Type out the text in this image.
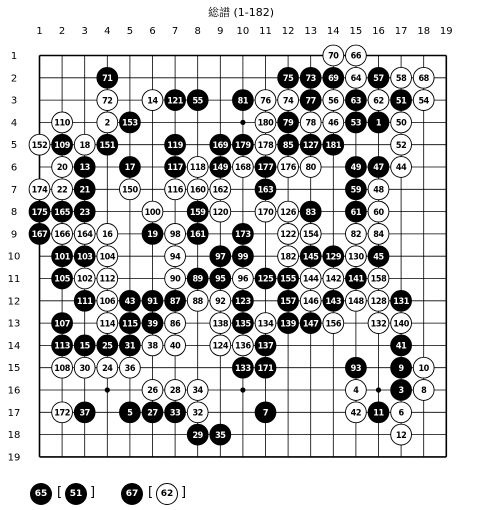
総譜 (1-182)
1 2 3 4 5 6 7 8 9 10 11 12 13 14 15 16 17 18 19
1
2
3
4
5
6
7
8
9
10
11
12
13
14
15
16
17
18
19
70 66
71	75 73 69 64 57 58 68
72	14 121 55	81 76 74 77 56 63 62 51 54
110	2 153	180 79 78 46 53 1 50
152 109 18 151	119	169 179 178 85 127 181	52
20 13	17	117 118 149 168 177 176 80	49 47 44
174 22 21	150	116 160 162	163	59 48
175 165 23	100	159 120	170 126 83	61 60
167 166 164 16	19 98 161	173	122 154	82 84
101 103 104	94	97 99	182 145 129 130 45
105 102 112	90 89 95 96 125 155 144 142 141 158
111 106 43 91 87 88 92 123	157 146 143 148 128 131
107	114 115 39 86	138 135 134 139 147 156	132 140
113 15 25 31 38 40	124 136 137	41
108 30 24 36	133 171	93	9 10
26 28 34	4	3 8
172 37	5 27 33 32	7	42 11 6
29 35	12
65 [ 51 ]	67 [ 62 ]
